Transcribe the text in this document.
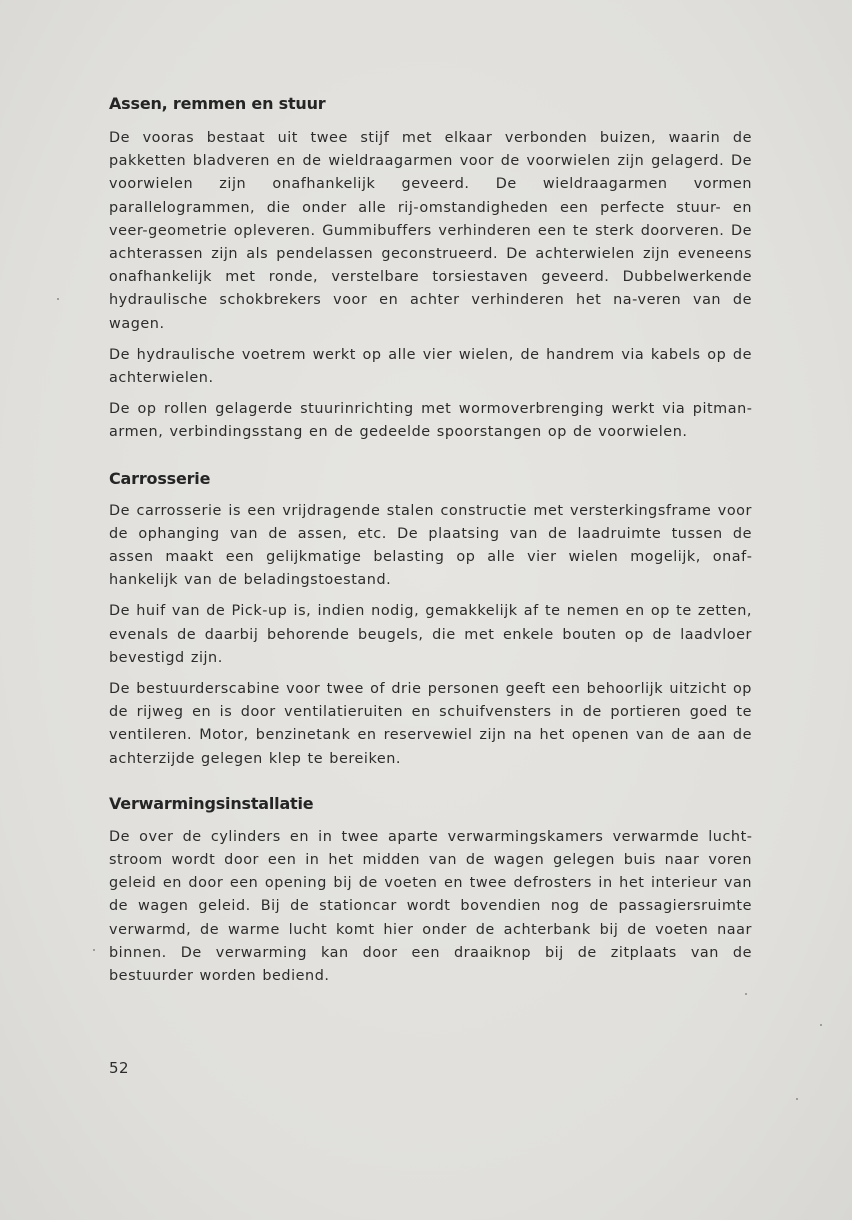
Assen, remmen en stuur

De vooras bestaat uit twee stijf met elkaar verbonden buizen, waarin de pakketten bladveren en de wieldraagarmen voor de voorwielen zijn gelagerd. De voorwielen zijn onafhankelijk geveerd. De wieldraagarmen vormen parallelogrammen, die onder alle rij-omstandigheden een perfecte stuur- en veer-geometrie opleveren. Gummibuffers verhinderen een te sterk doorveren. De achterassen zijn als pendelassen geconstrueerd. De achterwielen zijn eveneens onafhankelijk met ronde, verstelbare torsiestaven geveerd. Dubbelwerkende hydraulische schokbrekers voor en achter verhinderen het na-veren van de wagen.

De hydraulische voetrem werkt op alle vier wielen, de handrem via kabels op de achterwielen.

De op rollen gelagerde stuurinrichting met wormoverbrenging werkt via pitmanarmen, verbindingsstang en de gedeelde spoorstangen op de voorwielen.

Carrosserie

De carrosserie is een vrijdragende stalen constructie met versterkingsframe voor de ophanging van de assen, etc. De plaatsing van de laadruimte tussen de assen maakt een gelijkmatige belasting op alle vier wielen mogelijk, onafhankelijk van de beladingstoestand.

De huif van de Pick-up is, indien nodig, gemakkelijk af te nemen en op te zetten, evenals de daarbij behorende beugels, die met enkele bouten op de laadvloer bevestigd zijn.

De bestuurderscabine voor twee of drie personen geeft een behoorlijk uitzicht op de rijweg en is door ventilatieruiten en schuifvensters in de portieren goed te ventileren. Motor, benzinetank en reservewiel zijn na het openen van de aan de achterzijde gelegen klep te bereiken.

Verwarmingsinstallatie

De over de cylinders en in twee aparte verwarmingskamers verwarmde luchtstroom wordt door een in het midden van de wagen gelegen buis naar voren geleid en door een opening bij de voeten en twee defrosters in het interieur van de wagen geleid. Bij de stationcar wordt bovendien nog de passagiersruimte verwarmd, de warme lucht komt hier onder de achterbank bij de voeten naar binnen. De verwarming kan door een draaiknop bij de zitplaats van de bestuurder worden bediend.

52
